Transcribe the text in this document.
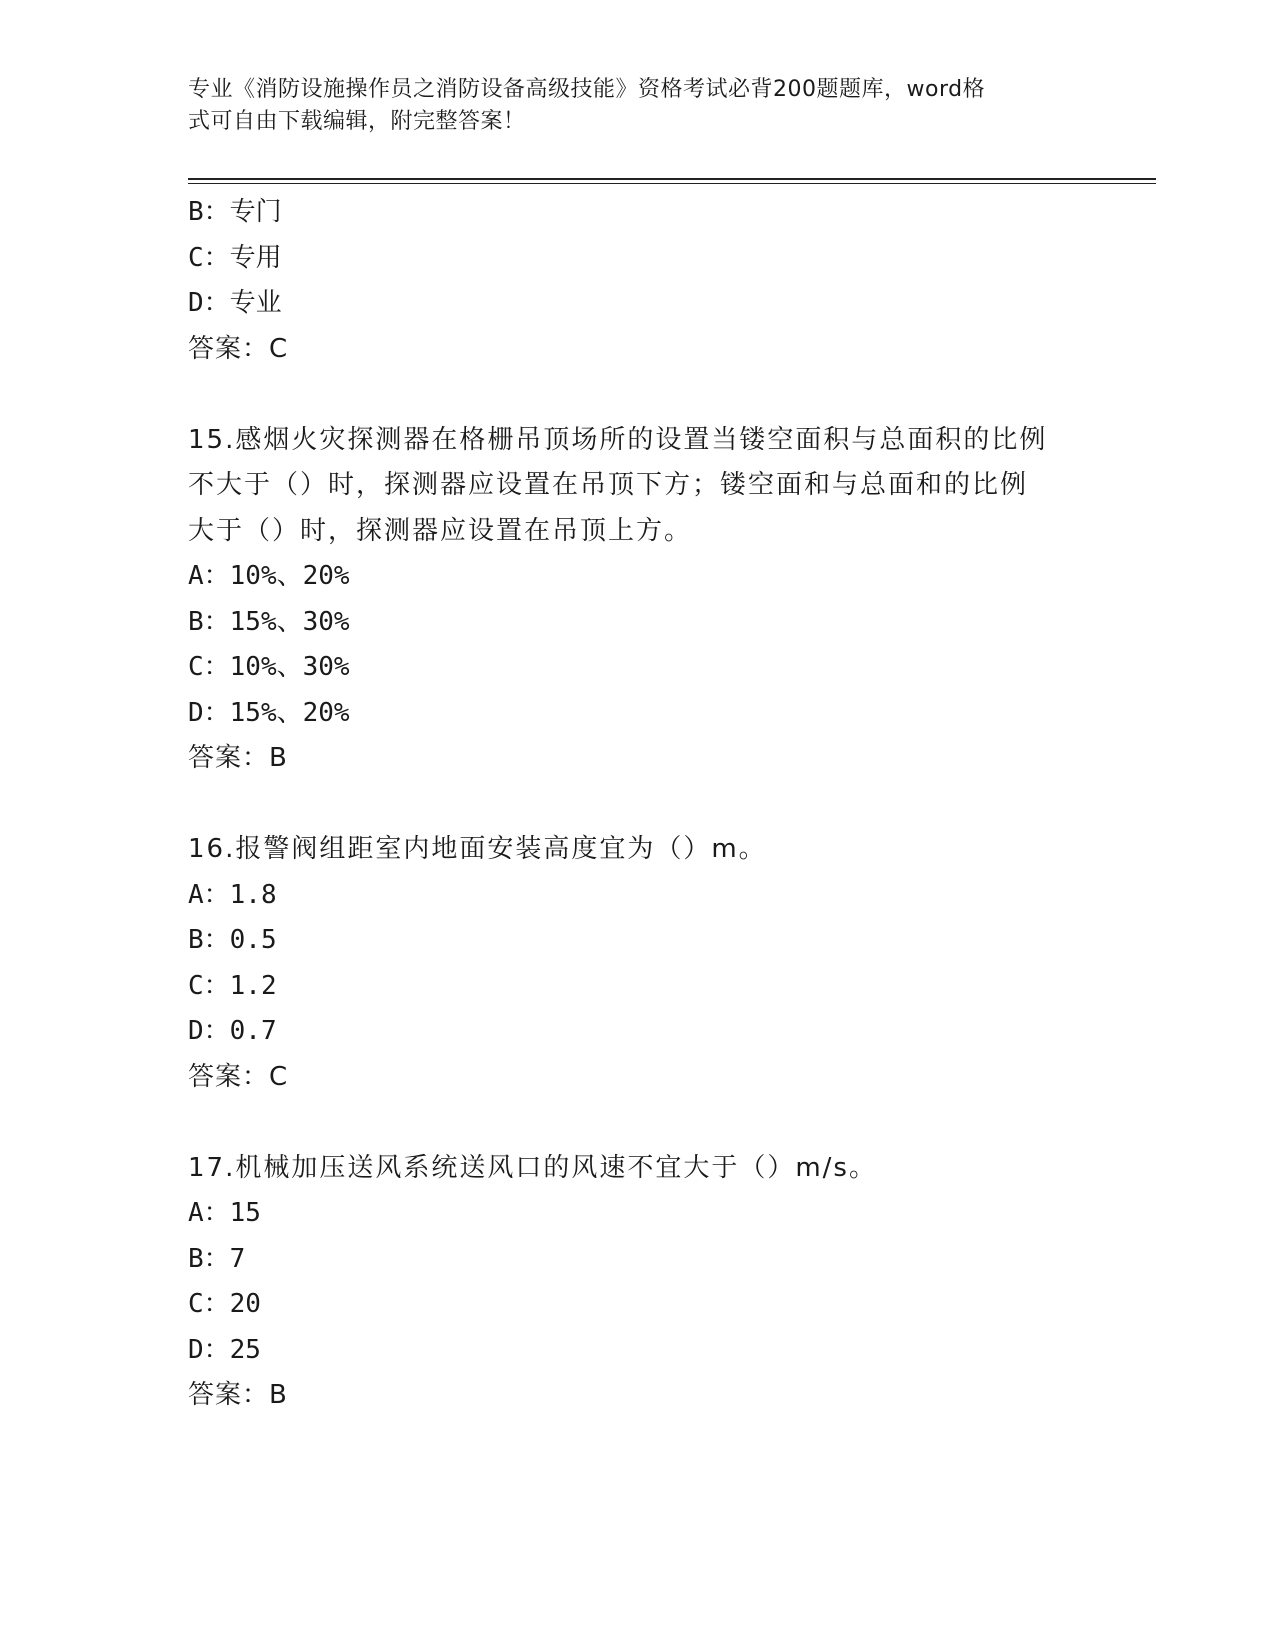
专业《消防设施操作员之消防设备高级技能》资格考试必背200题题库，word格
式可自由下载编辑，附完整答案！
B：专门
C：专用
D：专业
答案：C
15.感烟火灾探测器在格栅吊顶场所的设置当镂空面积与总面积的比例
不大于（）时，探测器应设置在吊顶下方；镂空面和与总面和的比例
大于（）时，探测器应设置在吊顶上方。
A：10%、20%
B：15%、30%
C：10%、30%
D：15%、20%
答案：B
16.报警阀组距室内地面安装高度宜为（）m。
A：1.8
B：0.5
C：1.2
D：0.7
答案：C
17.机械加压送风系统送风口的风速不宜大于（）m/s。
A：15
B：7
C：20
D：25
答案：B
